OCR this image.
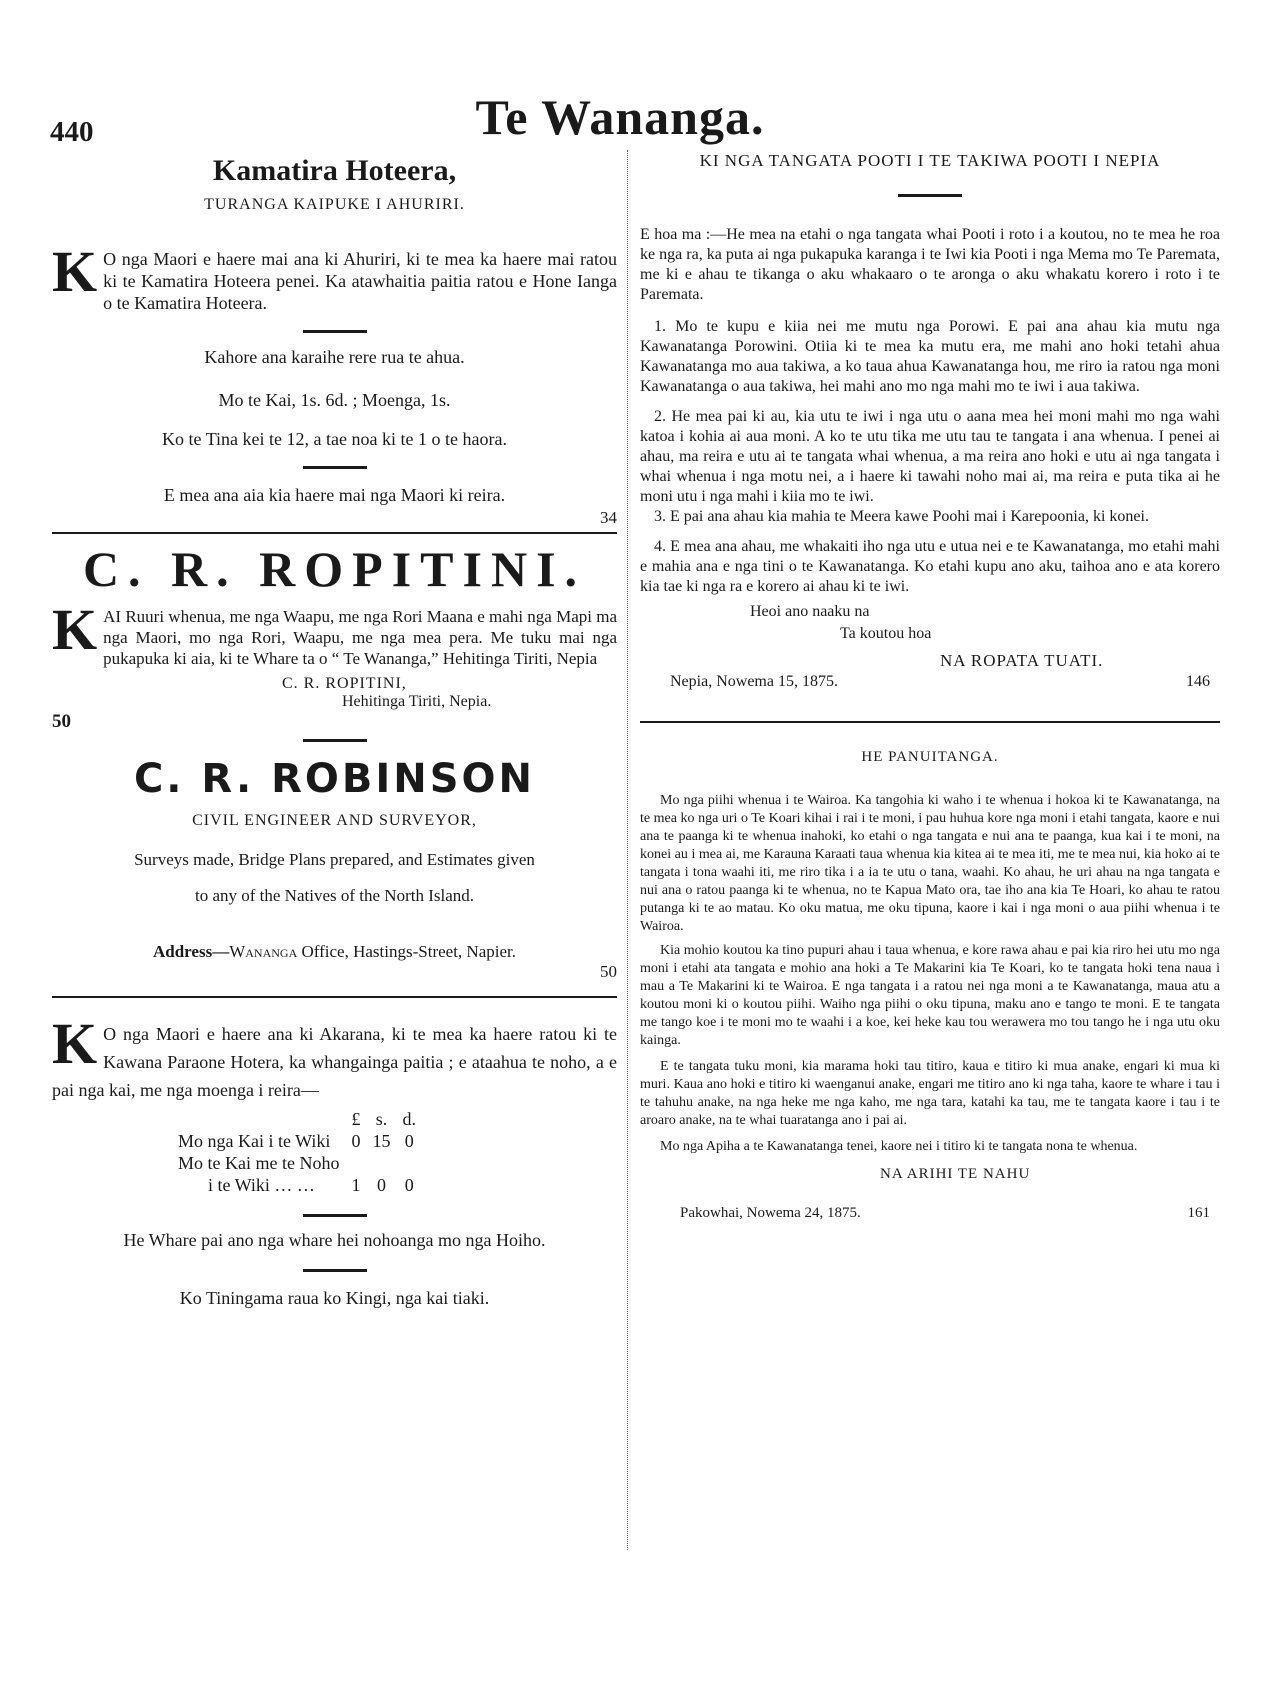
440	Te Wananga.
Kamatira Hoteera,
TURANGA KAIPUKE I AHURIRI.
K O nga Maori e haere mai ana ki Ahuriri, ki te mea ka haere mai ratou ki te Kamatira Hoteera penei. Ka atawhaitia paitia ratou e Hone Ianga o te Kamatira Hoteera.

Kahore ana karaihe rere rua te ahua.
Mo te Kai, 1s. 6d. ; Moenga, 1s.
Ko te Tina kei te 12, a tae noa ki te 1 o te haora.
E mea ana aia kia haere mai nga Maori ki reira.
34
C. R. ROPITINI.
K AI Ruuri whenua, me nga Waapu, me nga Rori Maana e mahi nga Mapi ma nga Maori, mo nga Rori, Waapu, me nga mea pera. Me tuku mai nga pukapuka ki aia, ki te Whare ta o “ Te Wananga,” Hehitinga Tiriti, Nepia

C. R. ROPITINI,
Hehitinga Tiriti, Nepia.
50
C. R. ROBINSON
CIVIL ENGINEER AND SURVEYOR,
Surveys made, Bridge Plans prepared, and Estimates given
to any of the Natives of the North Island.
Address—Wananga Office, Hastings-Street, Napier.
50
K O nga Maori e haere ana ki Akarana, ki te mea ka haere ratou ki te Kawana Paraone Hotera, ka whangainga paitia ; e ataahua te noho, a e pai nga kai, me nga moenga i reira—

	£	s.	d.
Mo nga Kai i te Wiki	0	15	0
Mo te Kai me te Noho			
i te Wiki … …	1	0	0

He Whare pai ano nga whare hei nohoanga mo nga Hoiho.

Ko Tiningama raua ko Kingi, nga kai tiaki.
KI NGA TANGATA POOTI I TE TAKIWA POOTI I NEPIA

E hoa ma :—He mea na etahi o nga tangata whai Pooti i roto i a koutou, no te mea he roa ke nga ra, ka puta ai nga pukapuka karanga i te Iwi kia Pooti i nga Mema mo Te Paremata, me ki e ahau te tikanga o aku whakaaro o te aronga o aku whakatu korero i roto i te Paremata.

1. Mo te kupu e kiia nei me mutu nga Porowi. E pai ana ahau kia mutu nga Kawanatanga Porowini. Otiia ki te mea ka mutu era, me mahi ano hoki tetahi ahua Kawanatanga mo aua takiwa, a ko taua ahua Kawanatanga hou, me riro ia ratou nga moni Kawanatanga o aua takiwa, hei mahi ano mo nga mahi mo te iwi i aua takiwa.

2. He mea pai ki au, kia utu te iwi i nga utu o aana mea hei moni mahi mo nga wahi katoa i kohia ai aua moni. A ko te utu tika me utu tau te tangata i ana whenua. I penei ai ahau, ma reira e utu ai te tangata whai whenua, a ma reira ano hoki e utu ai nga tangata i whai whenua i nga motu nei, a i haere ki tawahi noho mai ai, ma reira e puta tika ai he moni utu i nga mahi i kiia mo te iwi.

3. E pai ana ahau kia mahia te Meera kawe Poohi mai i Karepoonia, ki konei.

4. E mea ana ahau, me whakaiti iho nga utu e utua nei e te Kawanatanga, mo etahi mahi e mahia ana e nga tini o te Kawanatanga. Ko etahi kupu ano aku, taihoa ano e ata korero kia tae ki nga ra e korero ai ahau ki te iwi.

Heoi ano naaku na
Ta koutou hoa
NA ROPATA TUATI.
Nepia, Nowema 15, 1875.	146
HE PANUITANGA.

Mo nga piihi whenua i te Wairoa. Ka tangohia ki waho i te whenua i hokoa ki te Kawanatanga, na te mea ko nga uri o Te Koari kihai i rai i te moni, i pau huhua kore nga moni i etahi tangata, kaore e nui ana te paanga ki te whenua inahoki, ko etahi o nga tangata e nui ana te paanga, kua kai i te moni, na konei au i mea ai, me Karauna Karaati taua whenua kia kitea ai te mea iti, me te mea nui, kia hoko ai te tangata i tona waahi iti, me riro tika i a ia te utu o tana, waahi. Ko ahau, he uri ahau na nga tangata e nui ana o ratou paanga ki te whenua, no te Kapua Mato ora, tae iho ana kia Te Hoari, ko ahau te ratou putanga ki te ao matau. Ko oku matua, me oku tipuna, kaore i kai i nga moni o aua piihi whenua i te Wairoa.

Kia mohio koutou ka tino pupuri ahau i taua whenua, e kore rawa ahau e pai kia riro hei utu mo nga moni i etahi ata tangata e mohio ana hoki a Te Makarini kia Te Koari, ko te tangata hoki tena naua i mau a Te Makarini ki te Wairoa. E nga tangata i a ratou nei nga moni a te Kawanatanga, maua atu a koutou moni ki o koutou piihi. Waiho nga piihi o oku tipuna, maku ano e tango te moni. E te tangata me tango koe i te moni mo te waahi i a koe, kei heke kau tou werawera mo tou tango he i nga utu oku kainga.

E te tangata tuku moni, kia marama hoki tau titiro, kaua e titiro ki mua anake, engari ki mua ki muri. Kaua ano hoki e titiro ki waenganui anake, engari me titiro ano ki nga taha, kaore te whare i tau i te tahuhu anake, na nga heke me nga kaho, me nga tara, katahi ka tau, me te tangata kaore i tau i te aroaro anake, na te whai tuaratanga ano i pai ai.

Mo nga Apiha a te Kawanatanga tenei, kaore nei i titiro ki te tangata nona te whenua.

NA ARIHI TE NAHU
Pakowhai, Nowema 24, 1875.	161
